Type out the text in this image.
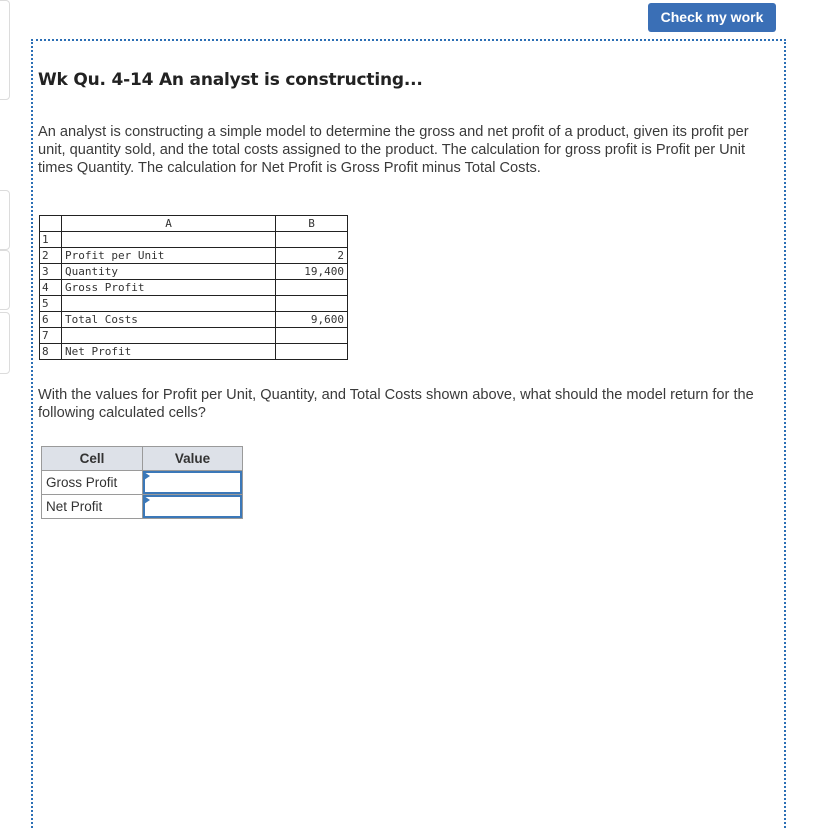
Check my work
Wk Qu. 4-14 An analyst is constructing...

An analyst is constructing a simple model to determine the gross and net profit of a product, given its profit per unit, quantity sold, and the total costs assigned to the product. The calculation for gross profit is Profit per Unit times Quantity. The calculation for Net Profit is Gross Profit minus Total Costs.

	A	B
1		
2	Profit per Unit	2
3	Quantity	19,400
4	Gross Profit	
5		
6	Total Costs	9,600
7		
8	Net Profit	

With the values for Profit per Unit, Quantity, and Total Costs shown above, what should the model return for the following calculated cells?

Cell	Value
Gross Profit	

Net Profit	
